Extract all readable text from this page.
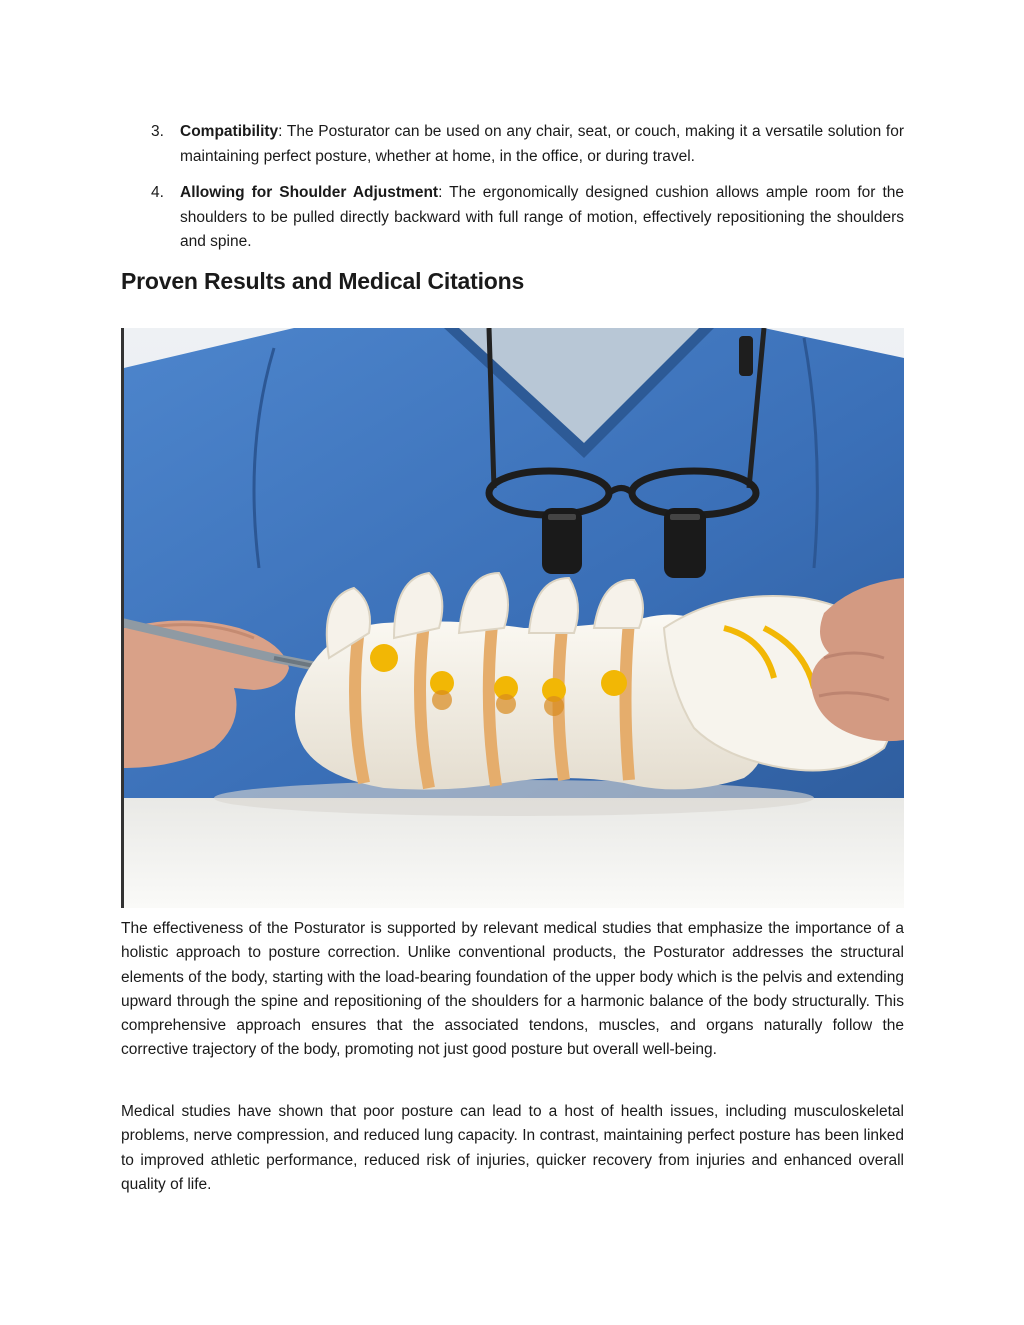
3. Compatibility: The Posturator can be used on any chair, seat, or couch, making it a versatile solution for maintaining perfect posture, whether at home, in the office, or during travel.
4. Allowing for Shoulder Adjustment: The ergonomically designed cushion allows ample room for the shoulders to be pulled directly backward with full range of motion, effectively repositioning the shoulders and spine.
Proven Results and Medical Citations

The effectiveness of the Posturator is supported by relevant medical studies that emphasize the importance of a holistic approach to posture correction. Unlike conventional products, the Posturator addresses the structural elements of the body, starting with the load-bearing foundation of the upper body which is the pelvis and extending upward through the spine and repositioning of the shoulders for a harmonic balance of the body structurally. This comprehensive approach ensures that the associated tendons, muscles, and organs naturally follow the corrective trajectory of the body, promoting not just good posture but overall well-being.

Medical studies have shown that poor posture can lead to a host of health issues, including musculoskeletal problems, nerve compression, and reduced lung capacity. In contrast, maintaining perfect posture has been linked to improved athletic performance, reduced risk of injuries, quicker recovery from injuries and enhanced overall quality of life.
